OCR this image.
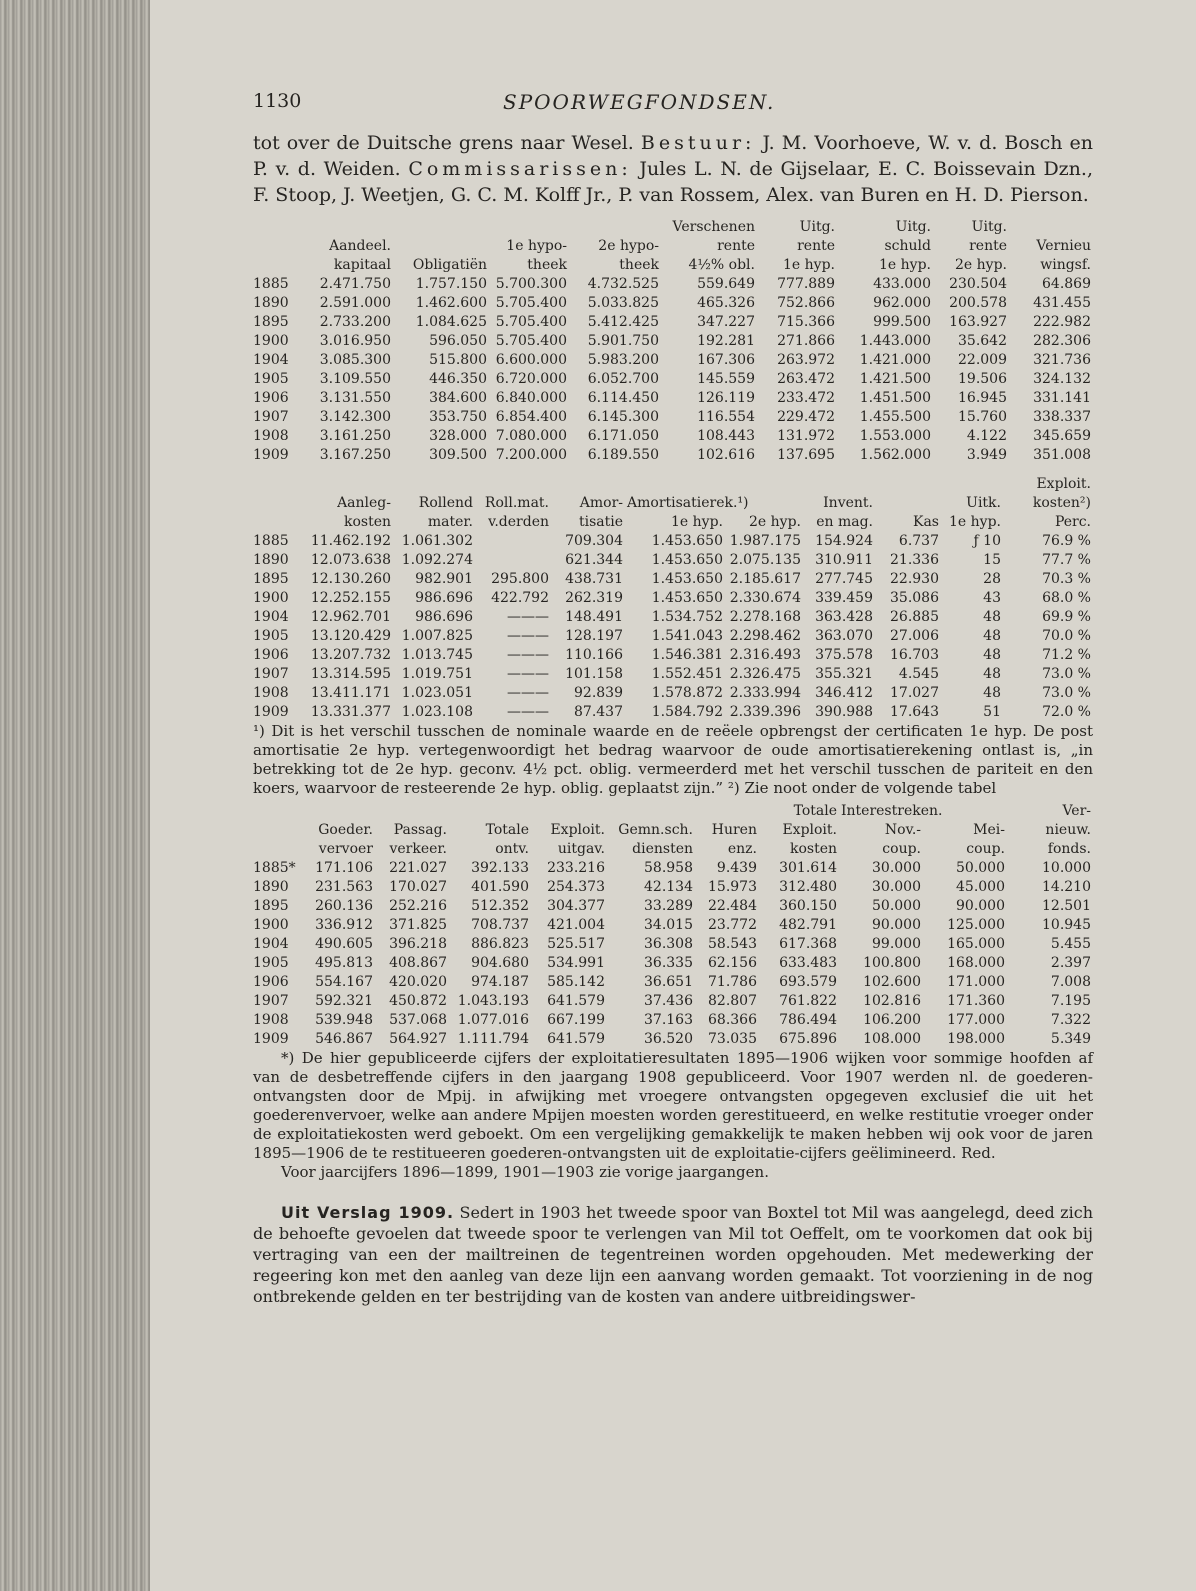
1130	SPOORWEGFONDSEN.

tot over de Duitsche grens naar Wesel. Bestuur: J. M. Voorhoeve, W. v. d. Bosch en P. v. d. Weiden. Commissarissen: Jules L. N. de Gijselaar, E. C. Boissevain Dzn., F. Stoop, J. Weetjen, G. C. M. Kolff Jr., P. van Rossem, Alex. van Buren en H. D. Pierson.

					Verschenen	Uitg.	Uitg.	Uitg.	
	Aandeel.		1e hypo-	2e hypo-	rente	rente	schuld	rente	Vernieu
	kapitaal	Obligatiën	theek	theek	4½% obl.	1e hyp.	1e hyp.	2e hyp.	wingsf.
1885	2.471.750	1.757.150	5.700.300	4.732.525	559.649	777.889	433.000	230.504	64.869
1890	2.591.000	1.462.600	5.705.400	5.033.825	465.326	752.866	962.000	200.578	431.455
1895	2.733.200	1.084.625	5.705.400	5.412.425	347.227	715.366	999.500	163.927	222.982
1900	3.016.950	596.050	5.705.400	5.901.750	192.281	271.866	1.443.000	35.642	282.306
1904	3.085.300	515.800	6.600.000	5.983.200	167.306	263.972	1.421.000	22.009	321.736
1905	3.109.550	446.350	6.720.000	6.052.700	145.559	263.472	1.421.500	19.506	324.132
1906	3.131.550	384.600	6.840.000	6.114.450	126.119	233.472	1.451.500	16.945	331.141
1907	3.142.300	353.750	6.854.400	6.145.300	116.554	229.472	1.455.500	15.760	338.337
1908	3.161.250	328.000	7.080.000	6.171.050	108.443	131.972	1.553.000	4.122	345.659
1909	3.167.250	309.500	7.200.000	6.189.550	102.616	137.695	1.562.000	3.949	351.008
										Exploit.
	Aanleg-	Rollend	Roll.mat.	Amor-	Amortisatierek.¹)		Invent.		Uitk.	kosten²)
	kosten	mater.	v.derden	tisatie	1e hyp.	2e hyp.	en mag.	Kas	1e hyp.	Perc.
1885	11.462.192	1.061.302		709.304	1.453.650	1.987.175	154.924	6.737	ƒ 10	76.9 %
1890	12.073.638	1.092.274		621.344	1.453.650	2.075.135	310.911	21.336	15	77.7 %
1895	12.130.260	982.901	295.800	438.731	1.453.650	2.185.617	277.745	22.930	28	70.3 %
1900	12.252.155	986.696	422.792	262.319	1.453.650	2.330.674	339.459	35.086	43	68.0 %
1904	12.962.701	986.696	———	148.491	1.534.752	2.278.168	363.428	26.885	48	69.9 %
1905	13.120.429	1.007.825	———	128.197	1.541.043	2.298.462	363.070	27.006	48	70.0 %
1906	13.207.732	1.013.745	———	110.166	1.546.381	2.316.493	375.578	16.703	48	71.2 %
1907	13.314.595	1.019.751	———	101.158	1.552.451	2.326.475	355.321	4.545	48	73.0 %
1908	13.411.171	1.023.051	———	92.839	1.578.872	2.333.994	346.412	17.027	48	73.0 %
1909	13.331.377	1.023.108	———	87.437	1.584.792	2.339.396	390.988	17.643	51	72.0 %

¹) Dit is het verschil tusschen de nominale waarde en de reëele opbrengst der certificaten 1e hyp. De post amortisatie 2e hyp. vertegenwoordigt het bedrag waarvoor de oude amortisatierekening ontlast is, „in betrekking tot de 2e hyp. geconv. 4½ pct. oblig. vermeerderd met het verschil tusschen de pariteit en den koers, waarvoor de resteerende 2e hyp. oblig. geplaatst zijn.” ²) Zie noot onder de volgende tabel

							Totale	Interestreken.		Ver-
	Goeder.	Passag.	Totale	Exploit.	Gemn.sch.	Huren	Exploit.	Nov.-	Mei-	nieuw.
	vervoer	verkeer.	ontv.	uitgav.	diensten	enz.	kosten	coup.	coup.	fonds.
1885*	171.106	221.027	392.133	233.216	58.958	9.439	301.614	30.000	50.000	10.000
1890	231.563	170.027	401.590	254.373	42.134	15.973	312.480	30.000	45.000	14.210
1895	260.136	252.216	512.352	304.377	33.289	22.484	360.150	50.000	90.000	12.501
1900	336.912	371.825	708.737	421.004	34.015	23.772	482.791	90.000	125.000	10.945
1904	490.605	396.218	886.823	525.517	36.308	58.543	617.368	99.000	165.000	5.455
1905	495.813	408.867	904.680	534.991	36.335	62.156	633.483	100.800	168.000	2.397
1906	554.167	420.020	974.187	585.142	36.651	71.786	693.579	102.600	171.000	7.008
1907	592.321	450.872	1.043.193	641.579	37.436	82.807	761.822	102.816	171.360	7.195
1908	539.948	537.068	1.077.016	667.199	37.163	68.366	786.494	106.200	177.000	7.322
1909	546.867	564.927	1.111.794	641.579	36.520	73.035	675.896	108.000	198.000	5.349

*) De hier gepubliceerde cijfers der exploitatieresultaten 1895—1906 wijken voor sommige hoofden af van de desbetreffende cijfers in den jaargang 1908 gepubliceerd. Voor 1907 werden nl. de goederen-ontvangsten door de Mpij. in afwijking met vroegere ontvangsten opgegeven exclusief die uit het goederenvervoer, welke aan andere Mpijen moesten worden gerestitueerd, en welke restitutie vroeger onder de exploitatiekosten werd geboekt. Om een vergelijking gemakkelijk te maken hebben wij ook voor de jaren 1895—1906 de te restitueeren goederen-ontvangsten uit de exploitatie-cijfers geëlimineerd. Red.

Voor jaarcijfers 1896—1899, 1901—1903 zie vorige jaargangen.

Uit Verslag 1909. Sedert in 1903 het tweede spoor van Boxtel tot Mil was aangelegd, deed zich de behoefte gevoelen dat tweede spoor te verlengen van Mil tot Oeffelt, om te voorkomen dat ook bij vertraging van een der mailtreinen de tegentreinen worden opgehouden. Met medewerking der regeering kon met den aanleg van deze lijn een aanvang worden gemaakt. Tot voorziening in de nog ontbrekende gelden en ter bestrijding van de kosten van andere uitbreidingswer-
